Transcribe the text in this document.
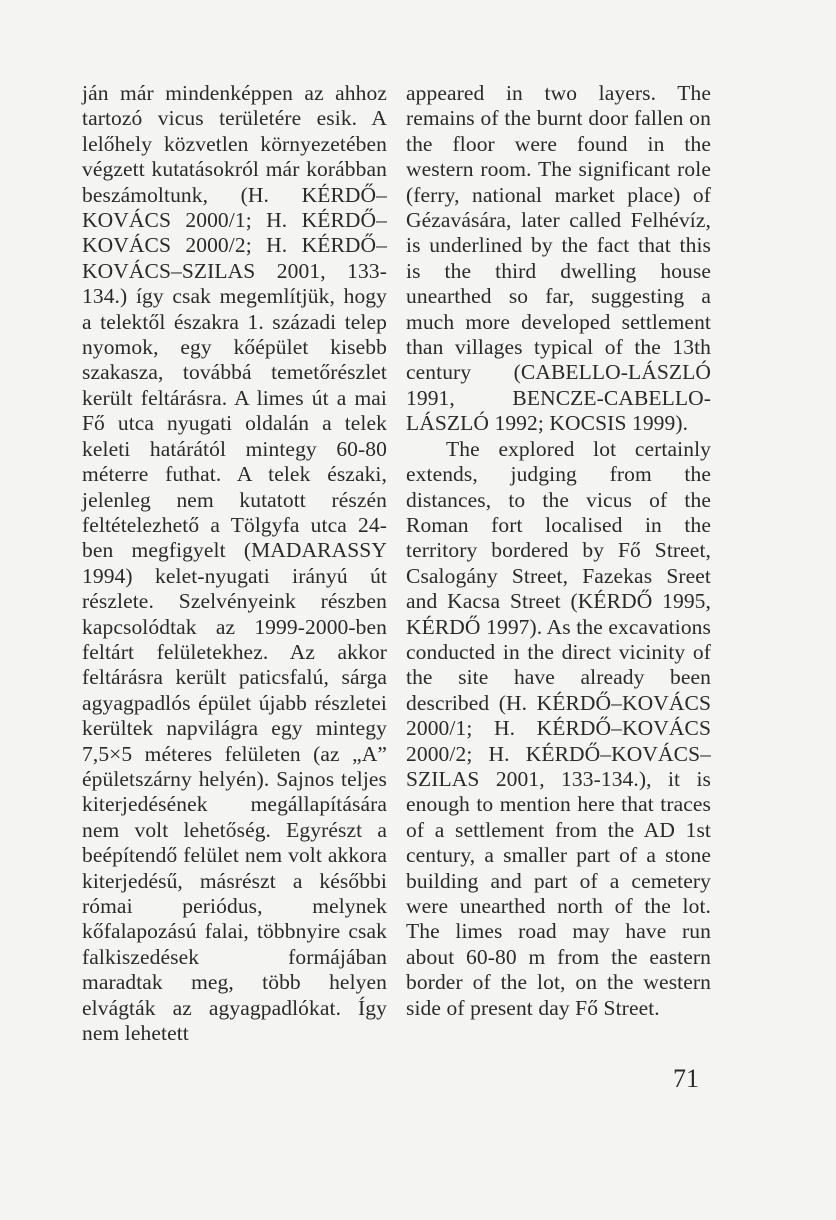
ján már mindenképpen az ahhoz tartozó vicus területére esik. A lelőhely közvetlen környezetében végzett kutatásokról már korábban beszámoltunk, (H. KÉRDŐ–KOVÁCS 2000/1; H. KÉRDŐ–KOVÁCS 2000/2; H. KÉRDŐ–KOVÁCS–SZILAS 2001, 133-134.) így csak megemlítjük, hogy a telektől északra 1. századi telep nyomok, egy kőépület kisebb szakasza, továbbá temetőrészlet került feltárásra. A limes út a mai Fő utca nyugati oldalán a telek keleti határától mintegy 60-80 méterre futhat. A telek északi, jelenleg nem kutatott részén feltételezhető a Tölgyfa utca 24-ben megfigyelt (MADARASSY 1994) kelet-nyugati irányú út részlete. Szelvényeink részben kapcsolódtak az 1999-2000-ben feltárt felületekhez. Az akkor feltárásra került paticsfalú, sárga agyagpadlós épület újabb részletei kerültek napvilágra egy mintegy 7,5×5 méteres felületen (az „A” épületszárny helyén). Sajnos teljes kiterjedésének megállapítására nem volt lehetőség. Egyrészt a beépítendő felület nem volt akkora kiterjedésű, másrészt a későbbi római periódus, melynek kőfalapozású falai, többnyire csak falkiszedések formájában maradtak meg, több helyen elvágták az agyagpadlókat. Így nem lehetett

appeared in two layers. The remains of the burnt door fallen on the floor were found in the western room. The significant role (ferry, national market place) of Gézavására, later called Felhévíz, is underlined by the fact that this is the third dwelling house unearthed so far, suggesting a much more developed settlement than villages typical of the 13th century (CABELLO-LÁSZLÓ 1991, BENCZE-CABELLO-LÁSZLÓ 1992; KOCSIS 1999).

The explored lot certainly extends, judging from the distances, to the vicus of the Roman fort localised in the territory bordered by Fő Street, Csalogány Street, Fazekas Sreet and Kacsa Street (KÉRDŐ 1995, KÉRDŐ 1997). As the excavations conducted in the direct vicinity of the site have already been described (H. KÉRDŐ–KOVÁCS 2000/1; H. KÉRDŐ–KOVÁCS 2000/2; H. KÉRDŐ–KOVÁCS–SZILAS 2001, 133-134.), it is enough to mention here that traces of a settlement from the AD 1st century, a smaller part of a stone building and part of a cemetery were unearthed north of the lot. The limes road may have run about 60-80 m from the eastern border of the lot, on the western side of present day Fő Street.

71
